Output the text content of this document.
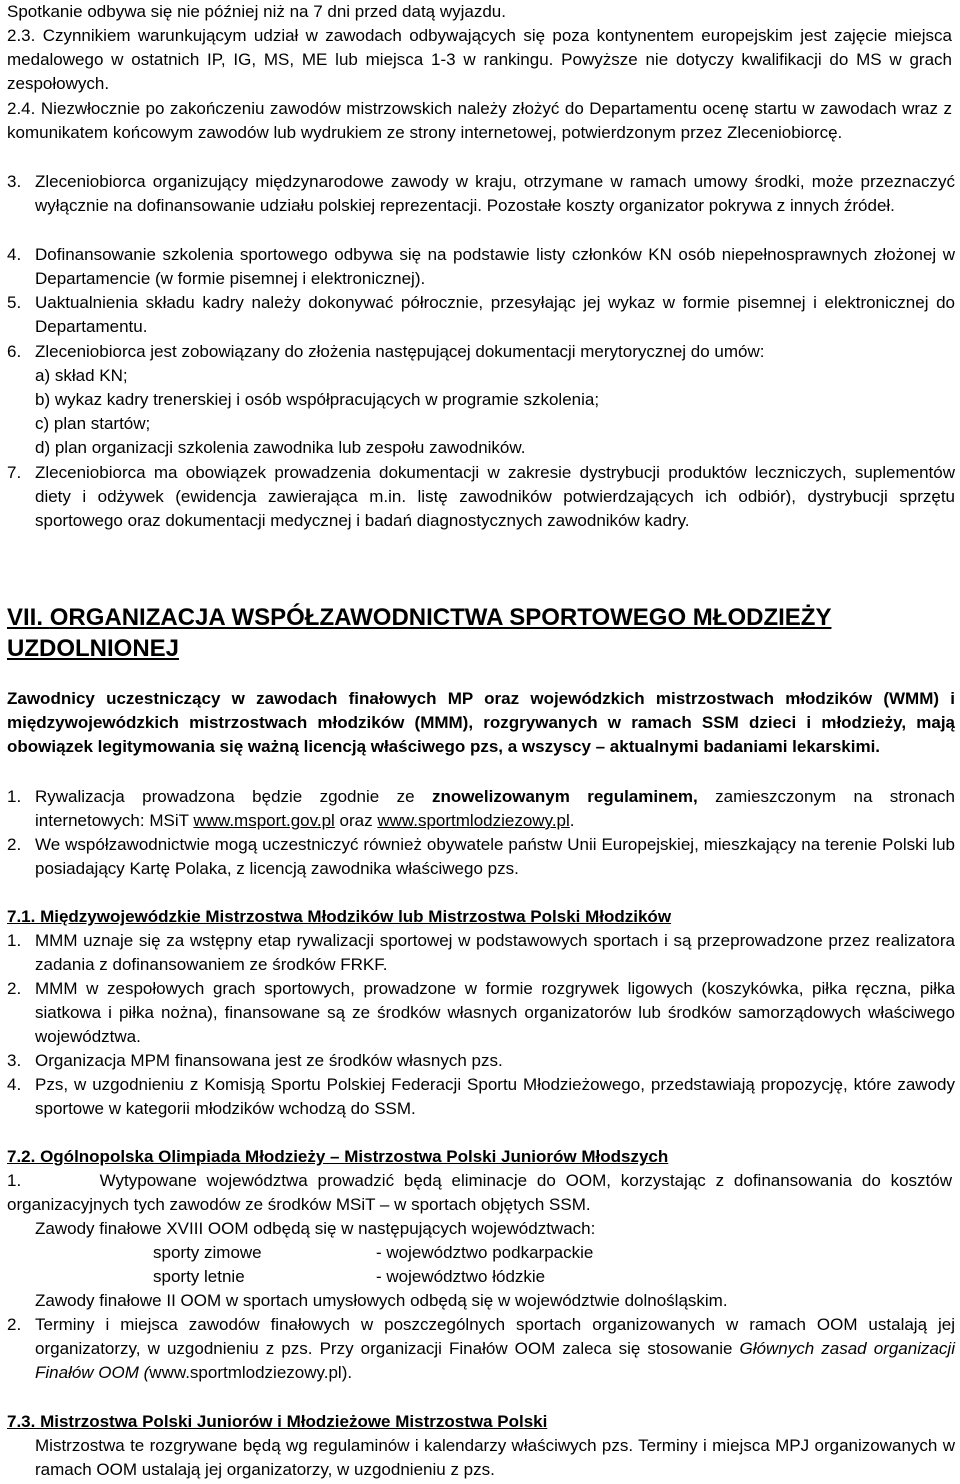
Spotkanie odbywa się nie później niż na 7 dni przed datą wyjazdu.

2.3. Czynnikiem warunkującym udział w zawodach odbywających się poza kontynentem europejskim jest zajęcie miejsca medalowego w ostatnich IP, IG, MS, ME lub miejsca 1-3 w rankingu. Powyższe nie dotyczy kwalifikacji do MS w grach zespołowych.

2.4. Niezwłocznie po zakończeniu zawodów mistrzowskich należy złożyć do Departamentu ocenę startu w zawodach wraz z komunikatem końcowym zawodów lub wydrukiem ze strony internetowej, potwierdzonym przez Zleceniobiorcę.

3. Zleceniobiorca organizujący międzynarodowe zawody w kraju, otrzymane w ramach umowy środki, może przeznaczyć wyłącznie na dofinansowanie udziału polskiej reprezentacji. Pozostałe koszty organizator pokrywa z innych źródeł.

4. Dofinansowanie szkolenia sportowego odbywa się na podstawie listy członków KN osób niepełnosprawnych złożonej w Departamencie (w formie pisemnej i elektronicznej).

5. Uaktualnienia składu kadry należy dokonywać półrocznie, przesyłając jej wykaz w formie pisemnej i elektronicznej do Departamentu.

6. Zleceniobiorca jest zobowiązany do złożenia następującej dokumentacji merytorycznej do umów:

a) skład KN;

b) wykaz kadry trenerskiej i osób współpracujących w programie szkolenia;

c) plan startów;

d) plan organizacji szkolenia zawodnika lub zespołu zawodników.

7. Zleceniobiorca ma obowiązek prowadzenia dokumentacji w zakresie dystrybucji produktów leczniczych, suplementów diety i odżywek (ewidencja zawierająca m.in. listę zawodników potwierdzających ich odbiór), dystrybucji sprzętu sportowego oraz dokumentacji medycznej i badań diagnostycznych zawodników kadry.

VII. ORGANIZACJA WSPÓŁZAWODNICTWA SPORTOWEGO MŁODZIEŻY
UZDOLNIONEJ

Zawodnicy uczestniczący w zawodach finałowych MP oraz wojewódzkich mistrzostwach młodzików (WMM) i międzywojewódzkich mistrzostwach młodzików (MMM), rozgrywanych w ramach SSM dzieci i młodzieży, mają obowiązek legitymowania się ważną licencją właściwego pzs, a wszyscy – aktualnymi badaniami lekarskimi.

1. Rywalizacja prowadzona będzie zgodnie ze znowelizowanym regulaminem, zamieszczonym na stronach internetowych: MSiT www.msport.gov.pl oraz www.sportmlodziezowy.pl.

2. We współzawodnictwie mogą uczestniczyć również obywatele państw Unii Europejskiej, mieszkający na terenie Polski lub posiadający Kartę Polaka, z licencją zawodnika właściwego pzs.

7.1. Międzywojewódzkie Mistrzostwa Młodzików lub Mistrzostwa Polski Młodzików

1. MMM uznaje się za wstępny etap rywalizacji sportowej w podstawowych sportach i są przeprowadzone przez realizatora zadania z dofinansowaniem ze środków FRKF.

2. MMM w zespołowych grach sportowych, prowadzone w formie rozgrywek ligowych (koszykówka, piłka ręczna, piłka siatkowa i piłka nożna), finansowane są ze środków własnych organizatorów lub środków samorządowych właściwego województwa.

3. Organizacja MPM finansowana jest ze środków własnych pzs.

4. Pzs, w uzgodnieniu z Komisją Sportu Polskiej Federacji Sportu Młodzieżowego, przedstawiają propozycję, które zawody sportowe w kategorii młodzików wchodzą do SSM.

7.2. Ogólnopolska Olimpiada Młodzieży – Mistrzostwa Polski Juniorów Młodszych

1.        Wytypowane województwa prowadzić będą eliminacje do OOM, korzystając z dofinansowania do kosztów organizacyjnych tych zawodów ze środków MSiT – w sportach objętych SSM.

Zawody finałowe XVIII OOM odbędą się w następujących województwach:

sporty zimowe	- województwo podkarpackie

sporty letnie	- województwo łódzkie

Zawody finałowe II OOM w sportach umysłowych odbędą się w województwie dolnośląskim.

2. Terminy i miejsca zawodów finałowych w poszczególnych sportach organizowanych w ramach OOM ustalają jej organizatorzy, w uzgodnieniu z pzs. Przy organizacji Finałów OOM zaleca się stosowanie Głównych zasad organizacji Finałów OOM (www.sportmlodziezowy.pl).

7.3. Mistrzostwa Polski Juniorów i Młodzieżowe Mistrzostwa Polski

Mistrzostwa te rozgrywane będą wg regulaminów i kalendarzy właściwych pzs. Terminy i miejsca MPJ organizowanych w ramach OOM ustalają jej organizatorzy, w uzgodnieniu z pzs.
